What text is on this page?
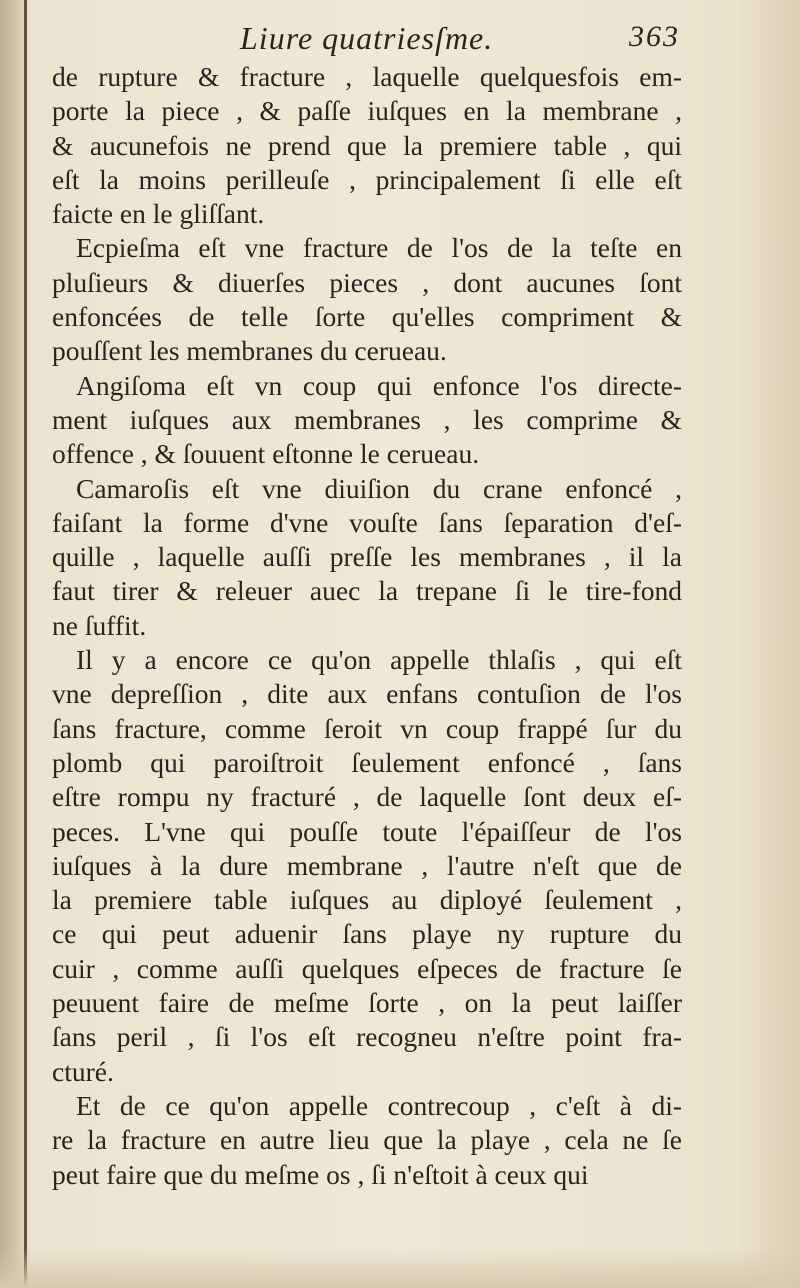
Liure quatriesſme.	363
de rupture & fracture , laquelle quelquesfois em-
porte la piece , & paſſe iuſques en la membrane ,
& aucunefois ne prend que la premiere table , qui
eſt la moins perilleuſe , principalement ſi elle eſt
faicte en le gliſſant.
Ecpieſma eſt vne fracture de l'os de la teſte en
pluſieurs & diuerſes pieces , dont aucunes ſont
enfoncées de telle ſorte qu'elles compriment &
pouſſent les membranes du cerueau.
Angiſoma eſt vn coup qui enfonce l'os directe-
ment iuſques aux membranes , les comprime &
offence , & ſouuent eſtonne le cerueau.
Camaroſis eſt vne diuiſion du crane enfoncé ,
faiſant la forme d'vne vouſte ſans ſeparation d'eſ-
quille , laquelle auſſi preſſe les membranes , il la
faut tirer & releuer auec la trepane ſi le tire-fond
ne ſuffit.
Il y a encore ce qu'on appelle thlaſis , qui eſt
vne depreſſion , dite aux enfans contuſion de l'os
ſans fracture, comme ſeroit vn coup frappé ſur du
plomb qui paroiſtroit ſeulement enfoncé , ſans
eſtre rompu ny fracturé , de laquelle ſont deux eſ-
peces. L'vne qui pouſſe toute l'épaiſſeur de l'os
iuſques à la dure membrane , l'autre n'eſt que de
la premiere table iuſques au diployé ſeulement ,
ce qui peut aduenir ſans playe ny rupture du
cuir , comme auſſi quelques eſpeces de fracture ſe
peuuent faire de meſme ſorte , on la peut laiſſer
ſans peril , ſi l'os eſt recogneu n'eſtre point fra-
cturé.
Et de ce qu'on appelle contrecoup , c'eſt à di-
re la fracture en autre lieu que la playe , cela ne ſe
peut faire que du meſme os , ſi n'eſtoit à ceux qui
